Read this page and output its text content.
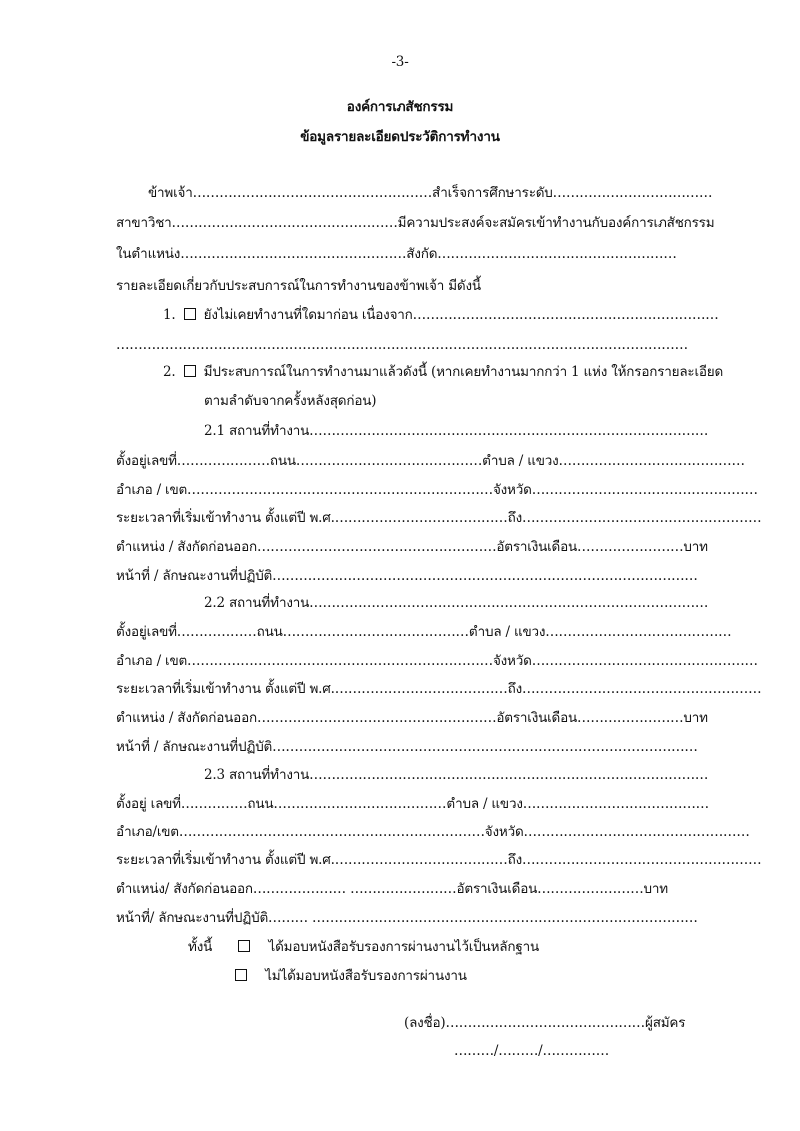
-3-
องค์การเภสัชกรรม
ข้อมูลรายละเอียดประวัติการทำงาน
ข้าพเจ้า………………………………………………สำเร็จการศึกษาระดับ………………………………
สาขาวิชา……………………………………………มีความประสงค์จะสมัครเข้าทำงานกับองค์การเภสัชกรรม
ในตำแหน่ง……………………………………………สังกัด………………………………………………
รายละเอียดเกี่ยวกับประสบการณ์ในการทำงานของข้าพเจ้า มีดังนี้
1. ยังไม่เคยทำงานที่ใดมาก่อน เนื่องจาก……………………………………………………………
…………………………………………………………………………………………………………………
2. มีประสบการณ์ในการทำงานมาแล้วดังนี้ (หากเคยทำงานมากกว่า 1 แห่ง ให้กรอกรายละเอียด
ตามลำดับจากครั้งหลังสุดก่อน)
2.1 สถานที่ทำงาน………………………………………………………………………………
ตั้งอยู่เลขที่…………………ถนน……………………………………ตำบล / แขวง……………………………………
อำเภอ / เขต……………………………………………………………จังหวัด……………………………………………
ระยะเวลาที่เริ่มเข้าทำงาน ตั้งแต่ปี พ.ศ.…………………………………ถึง………………………………………………
ตำแหน่ง / สังกัดก่อนออก………………………………………………อัตราเงินเดือน……………………บาท
หน้าที่ / ลักษณะงานที่ปฏิบัติ……………………………………………………………………………………
2.2 สถานที่ทำงาน………………………………………………………………………………
ตั้งอยู่เลขที่………………ถนน……………………………………ตำบล / แขวง……………………………………
อำเภอ / เขต……………………………………………………………จังหวัด……………………………………………
ระยะเวลาที่เริ่มเข้าทำงาน ตั้งแต่ปี พ.ศ.…………………………………ถึง………………………………………………
ตำแหน่ง / สังกัดก่อนออก………………………………………………อัตราเงินเดือน……………………บาท
หน้าที่ / ลักษณะงานที่ปฏิบัติ……………………………………………………………………………………
2.3 สถานที่ทำงาน………………………………………………………………………………
ตั้งอยู่ เลขที่……………ถนน…………………………………ตำบล / แขวง……………………………………
อำเภอ/เขต……………………………………………………………จังหวัด……………………………………………
ระยะเวลาที่เริ่มเข้าทำงาน ตั้งแต่ปี พ.ศ.…………………………………ถึง………………………………………………
ตำแหน่ง/ สังกัดก่อนออก………………… ……………………อัตราเงินเดือน……………………บาท
หน้าที่/ ลักษณะงานที่ปฏิบัติ……… ……………………………………………………………………………
ทั้งนี้	ได้มอบหนังสือรับรองการผ่านงานไว้เป็นหลักฐาน
ไม่ได้มอบหนังสือรับรองการผ่านงาน
(ลงชื่อ)………………………………………ผู้สมัคร
………/………/……………
